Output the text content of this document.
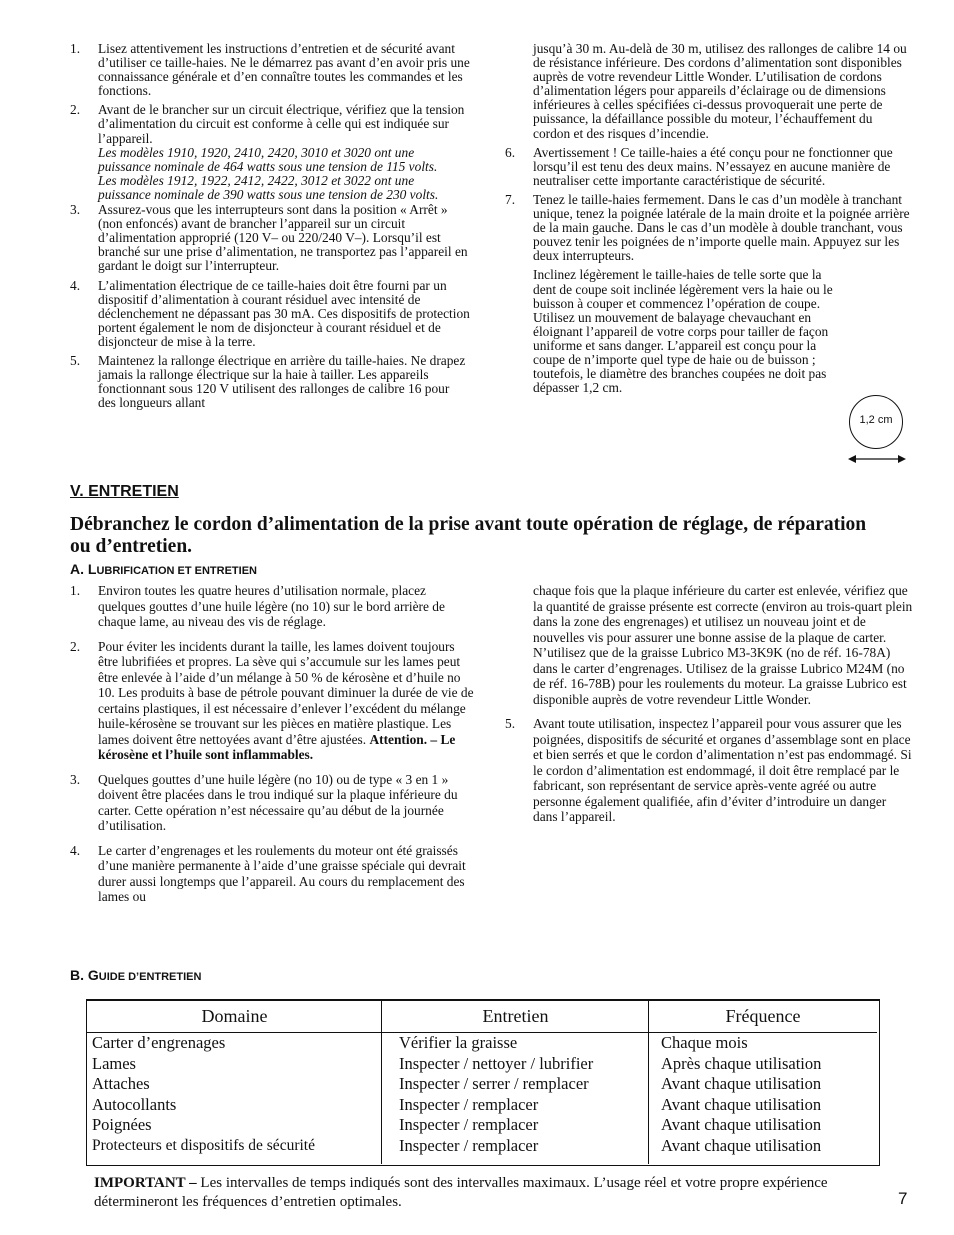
1. Lisez attentivement les instructions d’entretien et de sécurité avant d’utiliser ce taille-haies. Ne le démarrez pas avant d’en avoir pris une connaissance générale et d’en connaître toutes les commandes et les fonctions.
2. Avant de le brancher sur un circuit électrique, vérifiez que la tension d’alimentation du circuit est conforme à celle qui est indiquée sur l’appareil.
Les modèles 1910, 1920, 2410, 2420, 3010 et 3020 ont une puissance nominale de 464 watts sous une tension de 115 volts.
Les modèles 1912, 1922, 2412, 2422, 3012 et 3022 ont une puissance nominale de 390 watts sous une tension de 230 volts.
3. Assurez-vous que les interrupteurs sont dans la position « Arrêt » (non enfoncés) avant de brancher l’appareil sur un circuit d’alimentation approprié (120 V– ou 220/240 V–). Lorsqu’il est branché sur une prise d’alimentation, ne transportez pas l’appareil en gardant le doigt sur l’interrupteur.
4. L’alimentation électrique de ce taille-haies doit être fourni par un dispositif d’alimentation à courant résiduel avec intensité de déclenchement ne dépassant pas 30 mA. Ces dispositifs de protection portent également le nom de disjoncteur à courant résiduel et de disjoncteur de mise à la terre.
5. Maintenez la rallonge électrique en arrière du taille-haies. Ne drapez jamais la rallonge électrique sur la haie à tailler. Les appareils fonctionnant sous 120 V utilisent des rallonges de calibre 16 pour des longueurs allant
jusqu’à 30 m. Au-delà de 30 m, utilisez des rallonges de calibre 14 ou de résistance inférieure. Des cordons d’alimentation sont disponibles auprès de votre revendeur Little Wonder. L’utilisation de cordons d’alimentation légers pour appareils d’éclairage ou de dimensions inférieures à celles spécifiées ci-dessus provoquerait une perte de puissance, la défaillance possible du moteur, l’échauffement du cordon et des risques d’incendie.
6. Avertissement ! Ce taille-haies a été conçu pour ne fonctionner que lorsqu’il est tenu des deux mains. N’essayez en aucune manière de neutraliser cette importante caractéristique de sécurité.
7. Tenez le taille-haies fermement. Dans le cas d’un modèle à tranchant unique, tenez la poignée latérale de la main droite et la poignée arrière de la main gauche. Dans le cas d’un modèle à double tranchant, vous pouvez tenir les poignées de n’importe quelle main. Appuyez sur les deux interrupteurs.
Inclinez légèrement le taille-haies de telle sorte que la dent de coupe soit inclinée légèrement vers la haie ou le buisson à couper et commencez l’opération de coupe. Utilisez un mouvement de balayage chevauchant en éloignant l’appareil de votre corps pour tailler de façon uniforme et sans danger. L’appareil est conçu pour la coupe de n’importe quel type de haie ou de buisson ; toutefois, le diamètre des branches coupées ne doit pas dépasser 1,2 cm.
1,2 cm
V. ENTRETIEN
Débranchez le cordon d’alimentation de la prise avant toute opération de réglage, de réparation ou d’entretien.
A. LUBRIFICATION ET ENTRETIEN
1. Environ toutes les quatre heures d’utilisation normale, placez quelques gouttes d’une huile légère (no 10) sur le bord arrière de chaque lame, au niveau des vis de réglage.
2. Pour éviter les incidents durant la taille, les lames doivent toujours être lubrifiées et propres. La sève qui s’accumule sur les lames peut être enlevée à l’aide d’un mélange à 50 % de kérosène et d’huile no 10. Les produits à base de pétrole pouvant diminuer la durée de vie de certains plastiques, il est nécessaire d’enlever l’excédent du mélange huile-kérosène se trouvant sur les pièces en matière plastique. Les lames doivent être nettoyées avant d’être ajustées. Attention. – Le kérosène et l’huile sont inflammables.
3. Quelques gouttes d’une huile légère (no 10) ou de type « 3 en 1 » doivent être placées dans le trou indiqué sur la plaque inférieure du carter. Cette opération n’est nécessaire qu’au début de la journée d’utilisation.
4. Le carter d’engrenages et les roulements du moteur ont été graissés d’une manière permanente à l’aide d’une graisse spéciale qui devrait durer aussi longtemps que l’appareil. Au cours du remplacement des lames ou
chaque fois que la plaque inférieure du carter est enlevée, vérifiez que la quantité de graisse présente est correcte (environ au trois-quart plein dans la zone des engrenages) et utilisez un nouveau joint et de nouvelles vis pour assurer une bonne assise de la plaque de carter. N’utilisez que de la graisse Lubrico M3-3K9K (no de réf. 16-78A) dans le carter d’engrenages. Utilisez de la graisse Lubrico M24M (no de réf. 16-78B) pour les roulements du moteur. La graisse Lubrico est disponible auprès de votre revendeur Little Wonder.
5. Avant toute utilisation, inspectez l’appareil pour vous assurer que les poignées, dispositifs de sécurité et organes d’assemblage sont en place et bien serrés et que le cordon d’alimentation n’est pas endommagé. Si le cordon d’alimentation est endommagé, il doit être remplacé par le fabricant, son représentant de service après-vente agréé ou autre personne également qualifiée, afin d’éviter d’introduire un danger dans l’appareil.
B. GUIDE D’ENTRETIEN
Domaine	Entretien	Fréquence
Carter d’engrenages	Vérifier la graisse	Chaque mois
Lames	Inspecter / nettoyer / lubrifier	Après chaque utilisation
Attaches	Inspecter / serrer / remplacer	Avant chaque utilisation
Autocollants	Inspecter / remplacer	Avant chaque utilisation
Poignées	Inspecter / remplacer	Avant chaque utilisation
Protecteurs et dispositifs de sécurité	Inspecter / remplacer	Avant chaque utilisation
IMPORTANT – Les intervalles de temps indiqués sont des intervalles maximaux. L’usage réel et votre propre expérience détermineront les fréquences d’entretien optimales.	7
